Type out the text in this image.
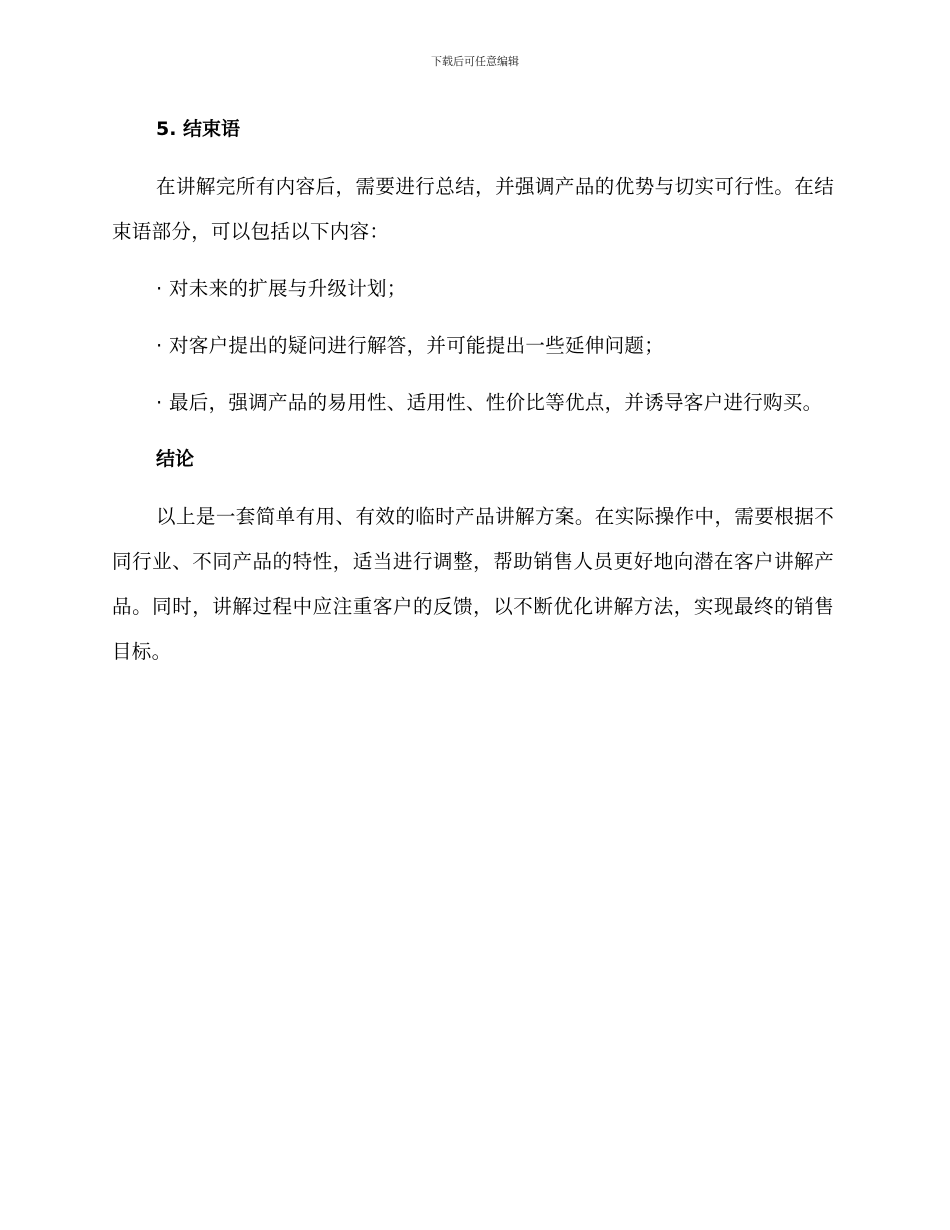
下载后可任意编辑
5. 结束语

在讲解完所有内容后，需要进行总结，并强调产品的优势与切实可行性。在结束语部分，可以包括以下内容：

· 对未来的扩展与升级计划；

· 对客户提出的疑问进行解答，并可能提出一些延伸问题；

· 最后，强调产品的易用性、适用性、性价比等优点，并诱导客户进行购买。

结论

以上是一套简单有用、有效的临时产品讲解方案。在实际操作中，需要根据不同行业、不同产品的特性，适当进行调整，帮助销售人员更好地向潜在客户讲解产品。同时，讲解过程中应注重客户的反馈，以不断优化讲解方法，实现最终的销售目标。
